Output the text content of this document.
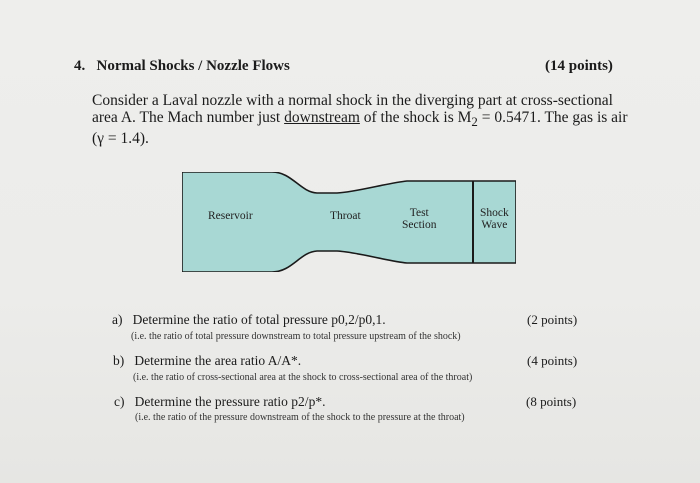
4. Normal Shocks / Nozzle Flows	(14 points)
Consider a Laval nozzle with a normal shock in the diverging part at cross-sectional area A. The Mach number just downstream of the shock is $M_2 = 0.5471$. The gas is air (γ = 1.4).
Reservoir	Throat	Test
Section
Shock
Wave
a) Determine the ratio of total pressure p0,2/p0,1.
(i.e. the ratio of total pressure downstream to total pressure upstream of the shock)
(2 points)
b) Determine the area ratio A/A*.
(i.e. the ratio of cross-sectional area at the shock to cross-sectional area of the throat)
(4 points)
c) Determine the pressure ratio p2/p*.
(i.e. the ratio of the pressure downstream of the shock to the pressure at the throat)
(8 points)
